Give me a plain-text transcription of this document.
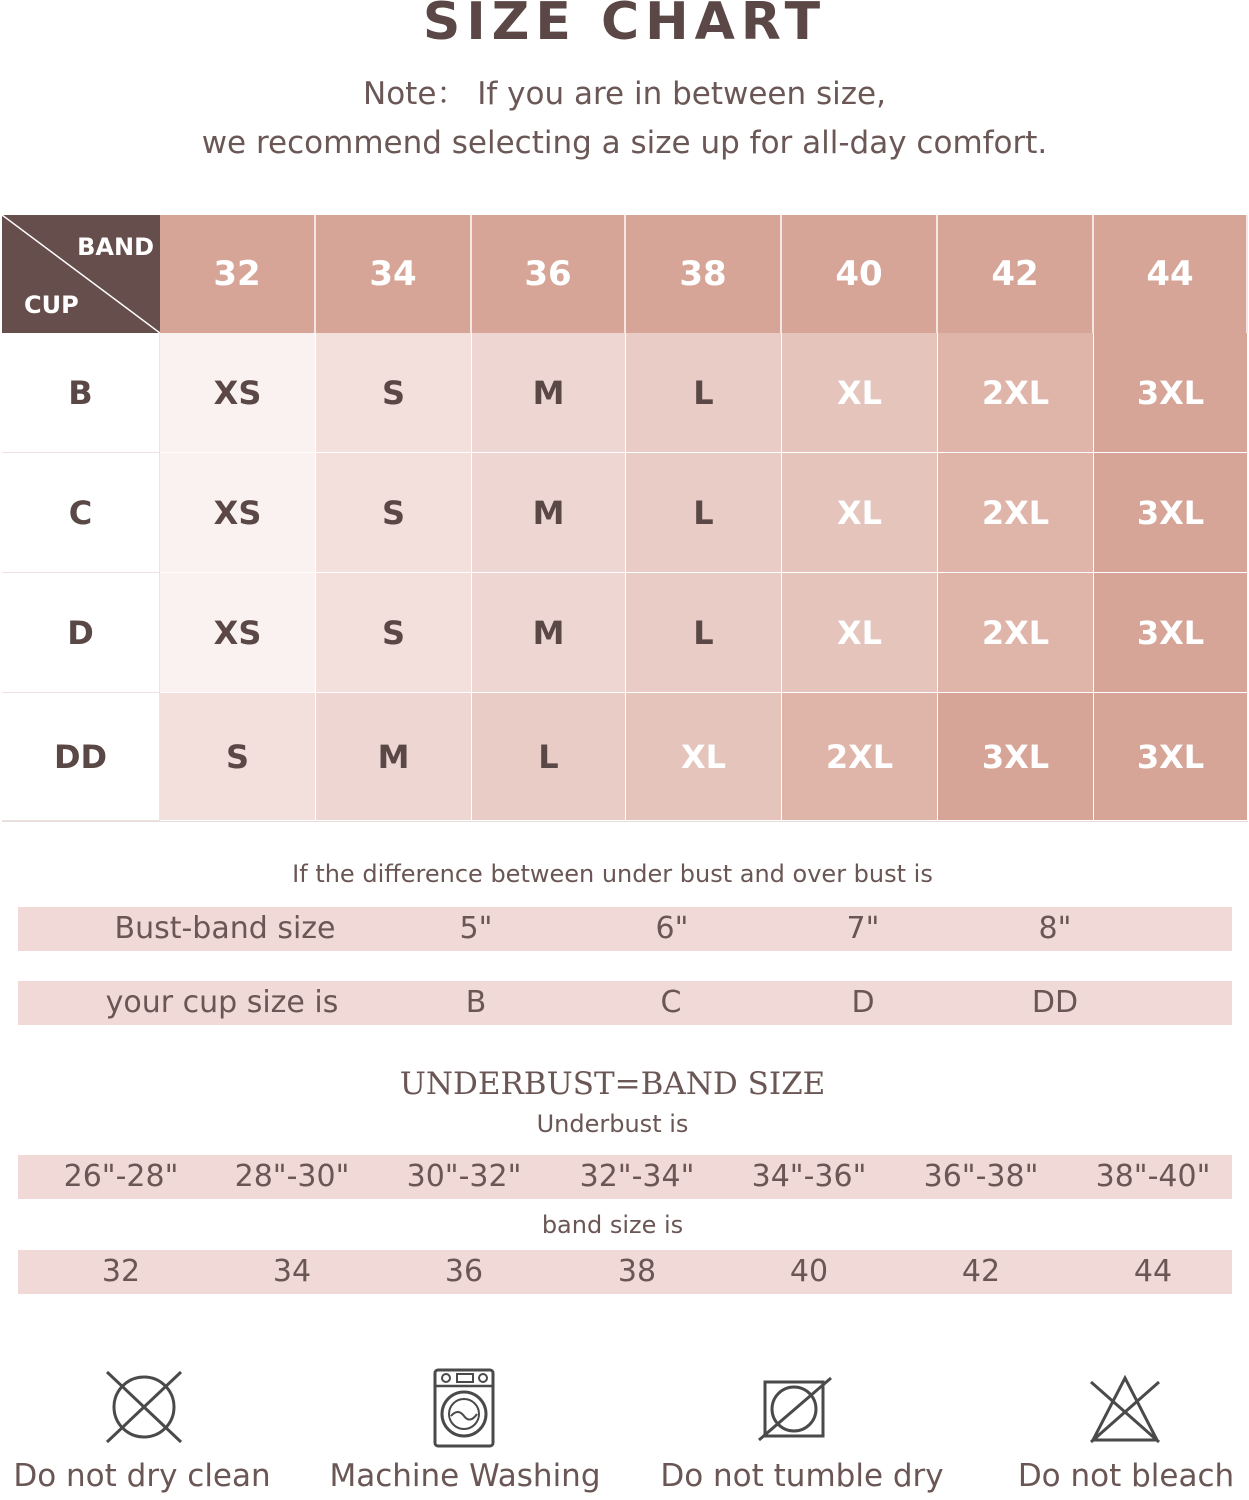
SIZE CHART
Note： If you are in between size,
we recommend selecting a size up for all-day comfort.
BAND
CUP
32	34	36	38	40	42	44
B	XS	S	M	L	XL	2XL	3XL
C	XS	S	M	L	XL	2XL	3XL
D	XS	S	M	L	XL	2XL	3XL
DD	S	M	L	XL	2XL	3XL	3XL
If the difference between under bust and over bust is
Bust-band size	5"	6"	7"	8"
your cup size is	B	C	D	DD
UNDERBUST=BAND SIZE
Underbust is
26"-28" 28"-30" 30"-32" 32"-34" 34"-36" 36"-38" 38"-40"
band size is
32	34	36	38	40	42	44
Do not dry clean Machine Washing Do not tumble dry Do not bleach
